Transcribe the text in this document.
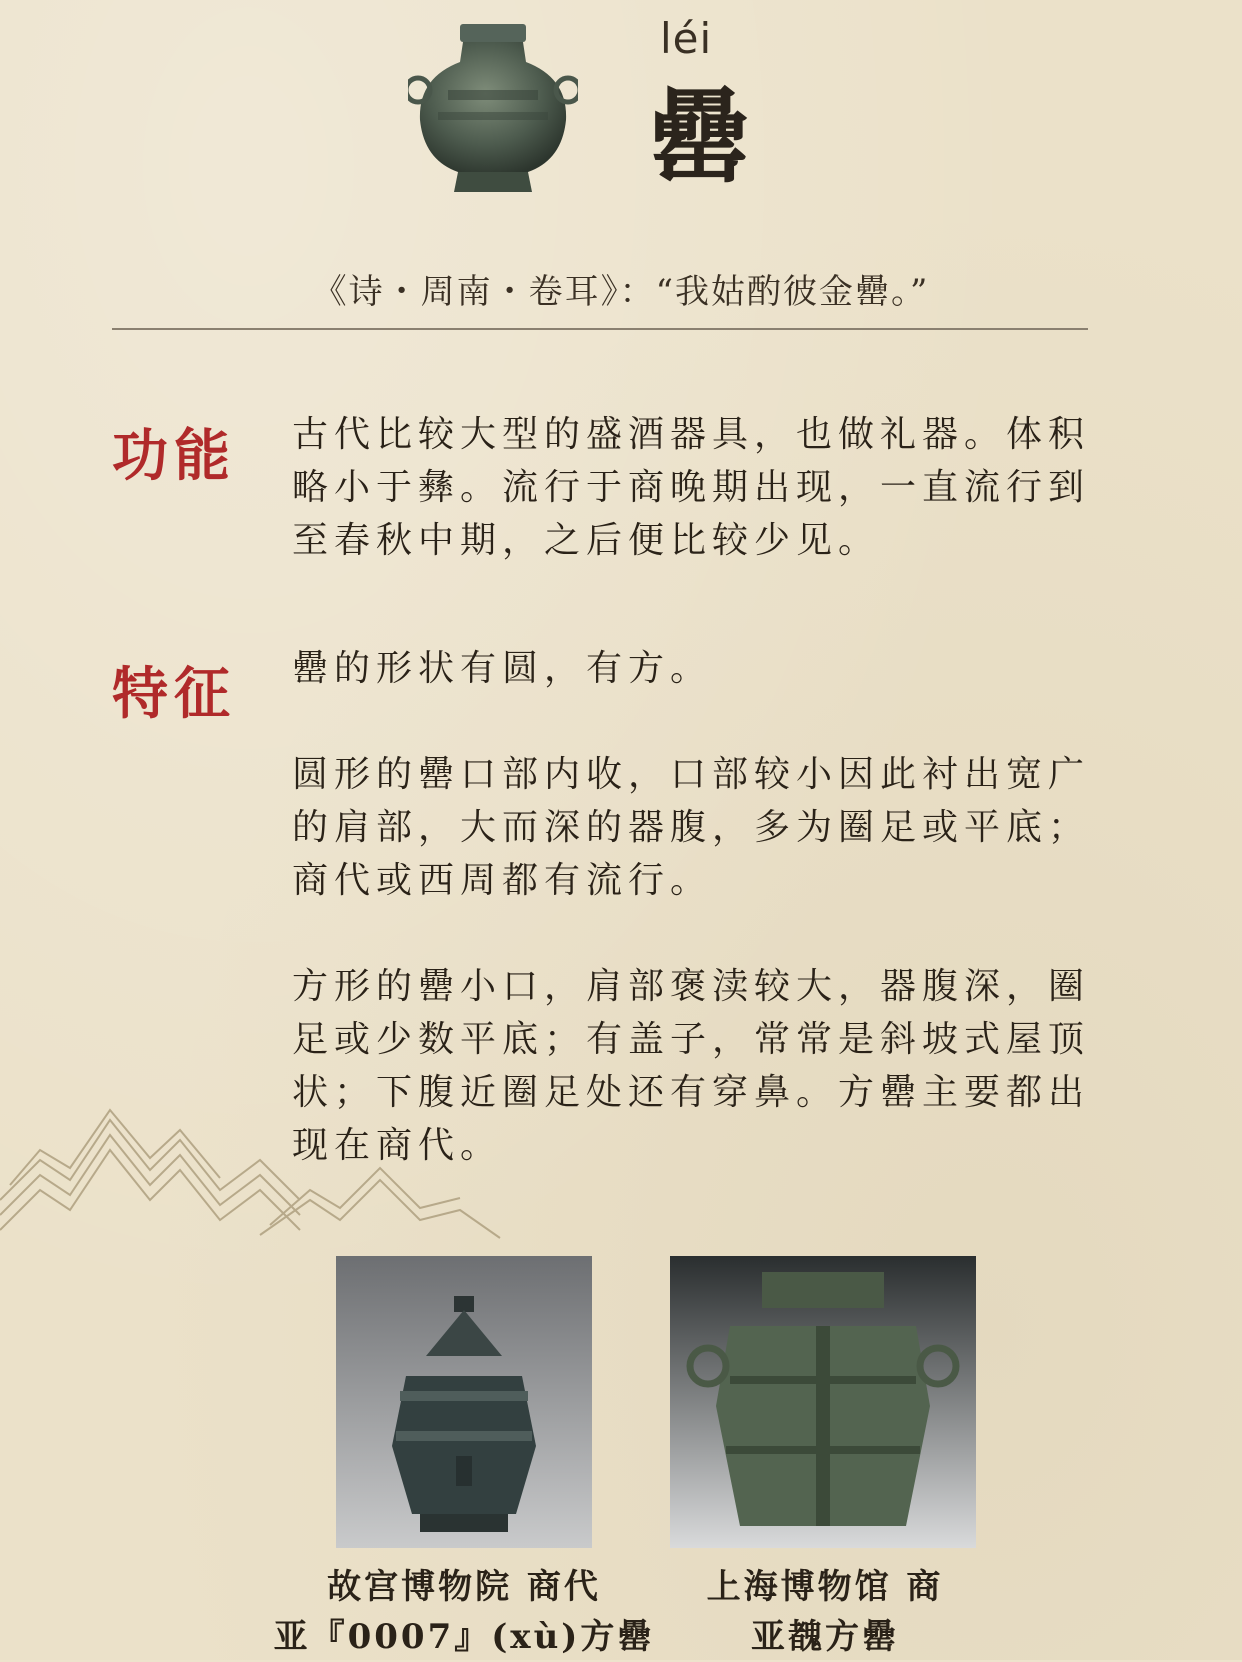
léi
罍
《诗・周南・卷耳》：“我姑酌彼金罍。”
功能 古代比较大型的盛酒器具，也做礼器。体积略小于彝。流行于商晚期出现，一直流行到至春秋中期，之后便比较少见。

特征 罍的形状有圆，有方。

圆形的罍口部内收，口部较小因此衬出宽广的肩部，大而深的器腹，多为圈足或平底；商代或西周都有流行。

方形的罍小口，肩部褒渎较大，器腹深，圈足或少数平底；有盖子，常常是斜坡式屋顶状；下腹近圈足处还有穿鼻。方罍主要都出现在商代。

故宫博物院 商代
亚『0007』(xù)方罍
上海博物馆 商
亚䰩方罍
